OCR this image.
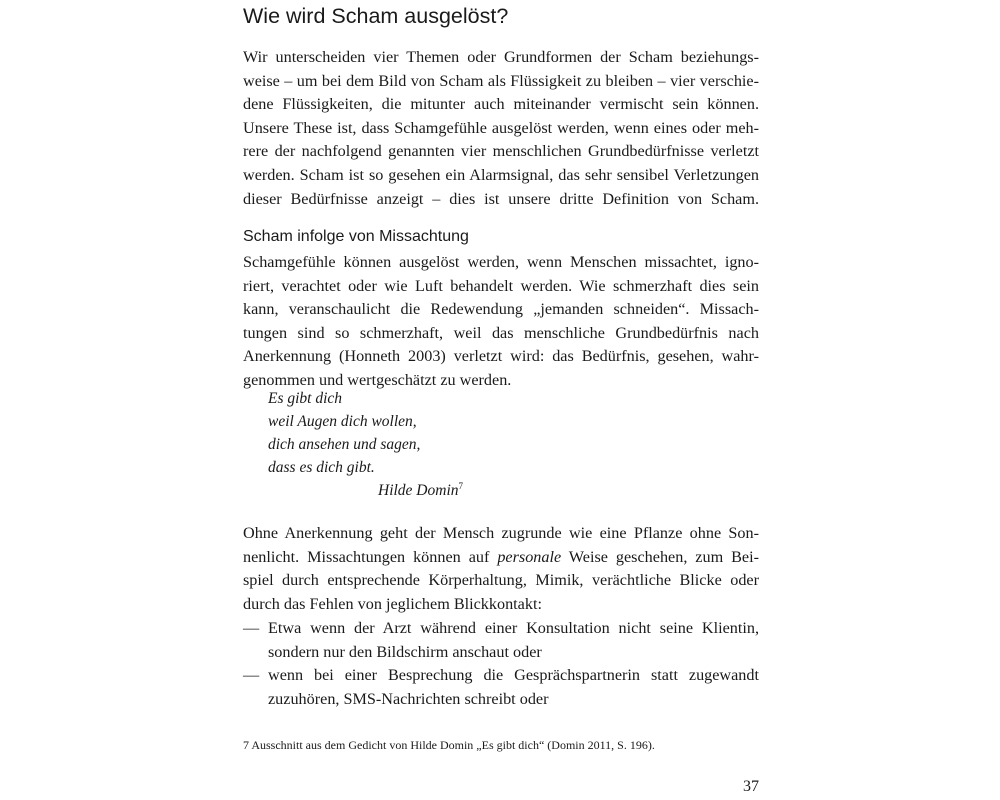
Wie wird Scham ausgelöst?
Wir unterscheiden vier Themen oder Grundformen der Scham beziehungs-
weise – um bei dem Bild von Scham als Flüssigkeit zu bleiben – vier verschie-
dene Flüssigkeiten, die mitunter auch miteinander vermischt sein können.
Unsere These ist, dass Schamgefühle ausgelöst werden, wenn eines oder meh-
rere der nachfolgend genannten vier menschlichen Grundbedürfnisse verletzt
werden. Scham ist so gesehen ein Alarmsignal, das sehr sensibel Verletzungen
dieser Bedürfnisse anzeigt – dies ist unsere dritte Definition von Scham.
Scham infolge von Missachtung
Schamgefühle können ausgelöst werden, wenn Menschen missachtet, igno-
riert, verachtet oder wie Luft behandelt werden. Wie schmerzhaft dies sein
kann, veranschaulicht die Redewendung „jemanden schneiden“. Missach-
tungen sind so schmerzhaft, weil das menschliche Grundbedürfnis nach
Anerkennung (Honneth 2003) verletzt wird: das Bedürfnis, gesehen, wahr-
genommen und wertgeschätzt zu werden.
Es gibt dich
weil Augen dich wollen,
dich ansehen und sagen,
dass es dich gibt.
Hilde Domin$^7$
Ohne Anerkennung geht der Mensch zugrunde wie eine Pflanze ohne Son-
nenlicht. Missachtungen können auf personale Weise geschehen, zum Bei-
spiel durch entsprechende Körperhaltung, Mimik, verächtliche Blicke oder
durch das Fehlen von jeglichem Blickkontakt:
— Etwa wenn der Arzt während einer Konsultation nicht seine Klientin,
sondern nur den Bildschirm anschaut oder
— wenn bei einer Besprechung die Gesprächspartnerin statt zugewandt
zuzuhören, SMS-Nachrichten schreibt oder
7 Ausschnitt aus dem Gedicht von Hilde Domin „Es gibt dich“ (Domin 2011, S. 196).
37
